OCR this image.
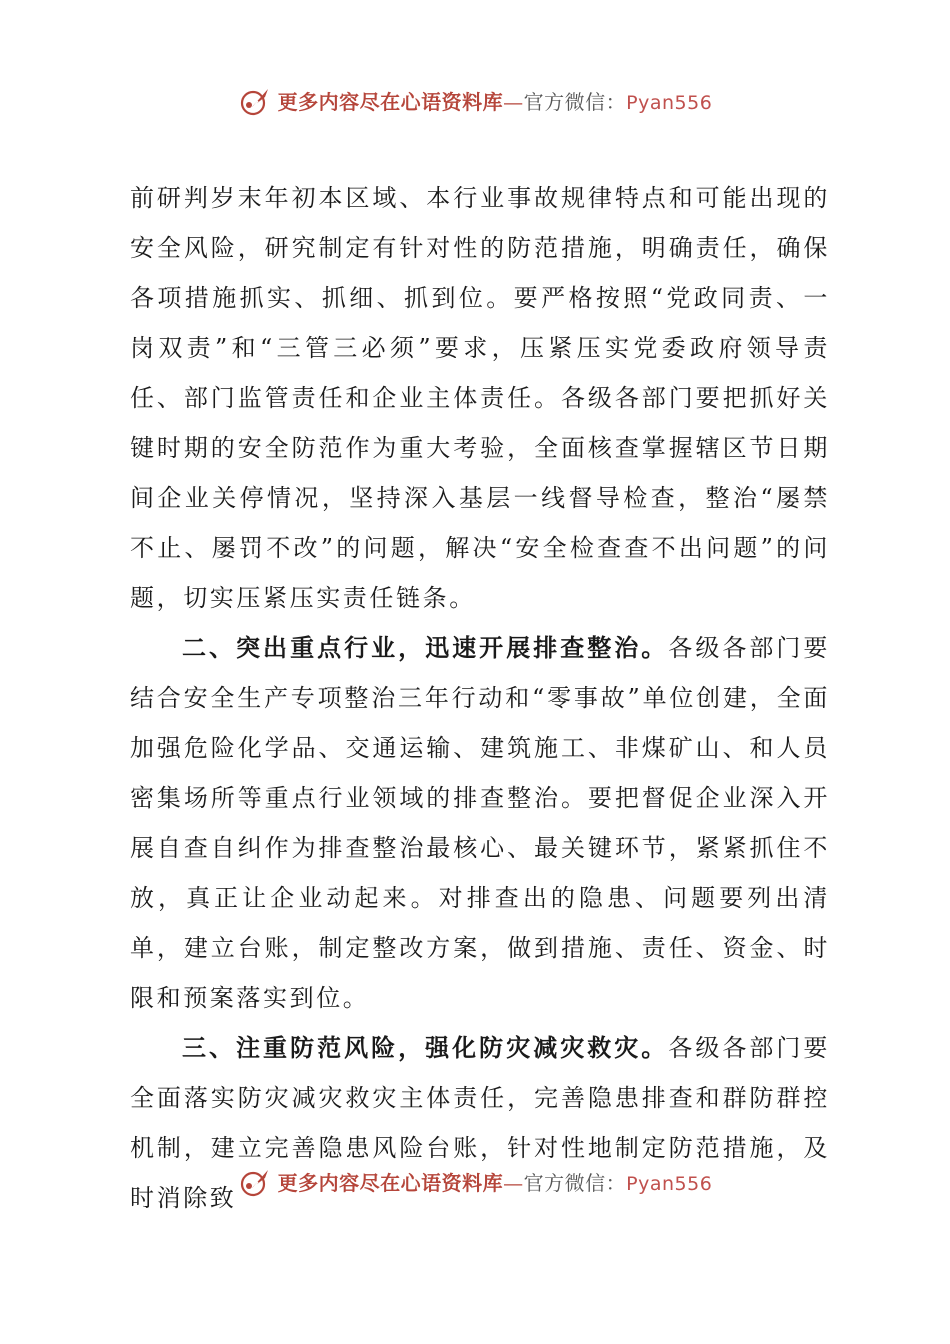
更多内容尽在心语资料库—官方微信：Pyan556

前研判岁末年初本区域、本行业事故规律特点和可能出现的安全风险，研究制定有针对性的防范措施，明确责任，确保各项措施抓实、抓细、抓到位。要严格按照“党政同责、一岗双责”和“三管三必须”要求，压紧压实党委政府领导责任、部门监管责任和企业主体责任。各级各部门要把抓好关键时期的安全防范作为重大考验，全面核查掌握辖区节日期间企业关停情况，坚持深入基层一线督导检查，整治“屡禁不止、屡罚不改”的问题，解决“安全检查查不出问题”的问题，切实压紧压实责任链条。

二、突出重点行业，迅速开展排查整治。各级各部门要结合安全生产专项整治三年行动和“零事故”单位创建，全面加强危险化学品、交通运输、建筑施工、非煤矿山、和人员密集场所等重点行业领域的排查整治。要把督促企业深入开展自查自纠作为排查整治最核心、最关键环节，紧紧抓住不放，真正让企业动起来。对排查出的隐患、问题要列出清单，建立台账，制定整改方案，做到措施、责任、资金、时限和预案落实到位。

三、注重防范风险，强化防灾减灾救灾。各级各部门要全面落实防灾减灾救灾主体责任，完善隐患排查和群防群控机制，建立完善隐患风险台账，针对性地制定防范措施，及时消除致

更多内容尽在心语资料库—官方微信：Pyan556
